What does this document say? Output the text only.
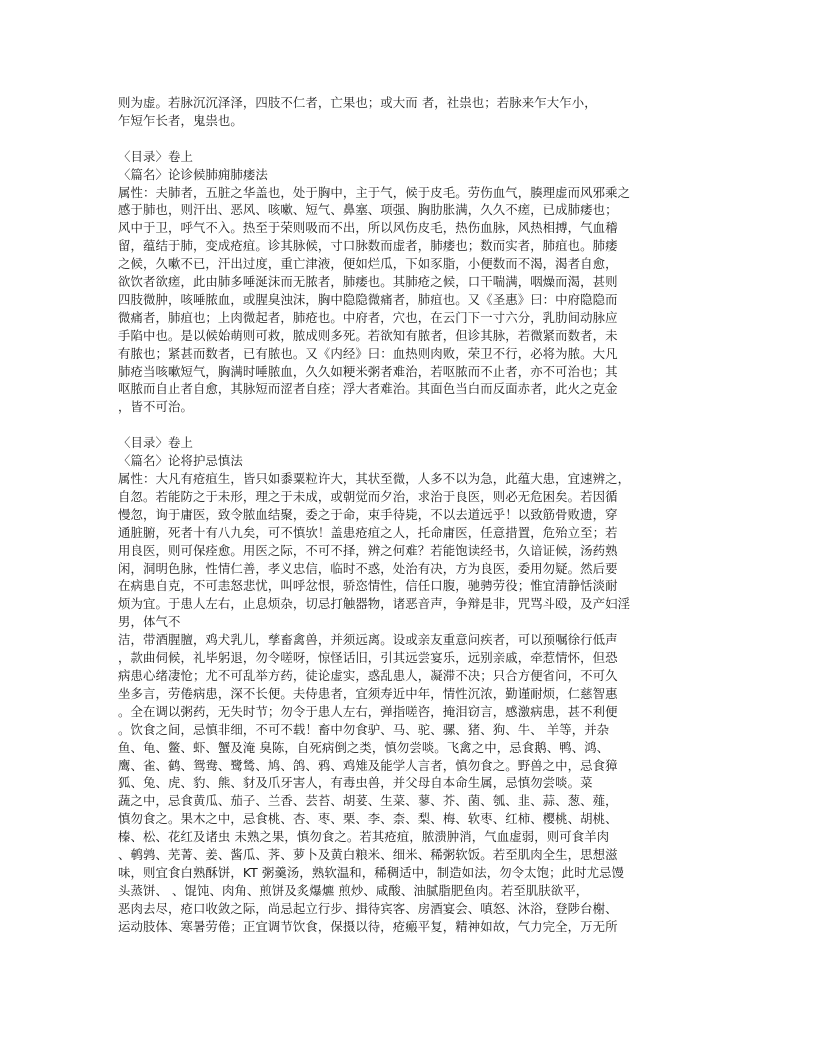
则为虚。若脉沉沉泽泽，四肢不仁者，亡果也；或大而 者，社祟也；若脉来乍大乍小，
乍短乍长者，鬼祟也。
〈目录〉卷上
〈篇名〉论诊候肺痈肺痿法
属性：夫肺者，五脏之华盖也，处于胸中，主于气，候于皮毛。劳伤血气，腠理虚而风邪乘之
感于肺也，则汗出、恶风、咳嗽、短气、鼻塞、项强、胸肋胀满，久久不瘥，已成肺痿也；
风中于卫，呼气不入。热至于荣则吸而不出，所以风伤皮毛，热伤血脉，风热相搏，气血稽
留，蕴结于肺，变成疮疽。诊其脉候，寸口脉数而虚者，肺痿也；数而实者，肺疽也。肺痿
之候，久嗽不已，汗出过度，重亡津液，便如烂瓜，下如豕脂，小便数而不渴，渴者自愈，
欲饮者欲瘥，此由肺多唾涎沫而无脓者，肺痿也。其肺疮之候，口干喘满，咽燥而渴，甚则
四肢微肿，咳唾脓血，或腥臭浊沫，胸中隐隐微痛者，肺疽也。又《圣惠》曰：中府隐隐而
微痛者，肺疽也；上肉微起者，肺疮也。中府者，穴也，在云门下一寸六分，乳肋间动脉应
手陷中也。是以候始萌则可救，脓成则多死。若欲知有脓者，但诊其脉，若微紧而数者，未
有脓也；紧甚而数者，已有脓也。又《内经》曰：血热则肉败，荣卫不行，必将为脓。大凡
肺疮当咳嗽短气，胸满时唾脓血，久久如粳米粥者难治，若呕脓而不止者，亦不可治也；其
呕脓而自止者自愈，其脉短而涩者自痊；浮大者难治。其面色当白而反面赤者，此火之克金
，皆不可治。
〈目录〉卷上
〈篇名〉论将护忌慎法
属性：大凡有疮疽生，皆只如黍粟粒许大，其状至微，人多不以为急，此蕴大患，宜速辨之，
自忽。若能防之于未形，理之于未成，或朝觉而夕治，求治于良医，则必无危困矣。若因循
慢忽，询于庸医，致令脓血结聚，委之于命，束手待毙，不以去道远乎！以致筋骨败遗，穿
通脏腑，死者十有八九矣，可不慎欤！盖患疮疽之人，托命庸医，任意措置，危殆立至；若
用良医，则可保痊愈。用医之际，不可不择，辨之何难？若能饱读经书，久谙证候，汤药熟
闲，洞明色脉，性情仁善，孝义忠信，临时不惑，处治有决，方为良医，委用勿疑。然后要
在病患自克，不可恚怒悲忧，叫呼忿恨，骄恣情性，信任口腹，驰骋劳役；惟宜清静恬淡耐
烦为宜。于患人左右，止息烦杂，切忌打触器物，诸恶音声，争辩是非，咒骂斗殴，及产妇淫
男，体气不
洁，带酒腥膻，鸡犬乳儿，孳畜禽兽，并须远离。设或亲友重意问疾者，可以预嘱徐行低声
，款曲伺候，礼毕躬退，勿令嗟呀，惊怪话旧，引其远尝宴乐，远别亲戚，牵惹情怀，但恐
病患心绪凄怆；尤不可乱举方药，徒论虚实，惑乱患人，凝滞不决；只合方便省问，不可久
坐多言，劳倦病患，深不长便。夫侍患者，宜须寿近中年，情性沉浓，勤谨耐烦，仁慈智惠
。全在调以粥药，无失时节；勿令于患人左右，弹指嗟咨，掩泪窃言，感激病患，甚不利便
。饮食之间，忌慎非细，不可不载！畜中勿食驴、马、驼、骡、猪、狗、牛、 羊等，并杂
鱼、龟、鳖、虾、蟹及淹 臭陈，自死病倒之类，慎勿尝啖。飞禽之中，忌食鹅、鸭、鸿、
鹰、雀、鹤、鸳鸯、鹭鸶、鸠、鸽、鸦、鸡雉及能学人言者，慎勿食之。野兽之中，忌食獐
狐、兔、虎、豹、熊、豺及爪牙害人，有毒虫兽，并父母自本命生属，忌慎勿尝啖。菜
蔬之中，忌食黄瓜、茄子、兰香、芸苔、胡荽、生菜、蓼、芥、菌、瓠、韭、蒜、葱、薤，
慎勿食之。果木之中，忌食桃、杏、枣、栗、李、柰、梨、梅、软枣、红柿、樱桃、胡桃、
榛、松、花红及诸虫 未熟之果，慎勿食之。若其疮疽，脓溃肿消，气血虚弱，则可食羊肉
、鹌鹑、芜菁、姜、酱瓜、荠、萝卜及黄白粮米、细米、稀粥软饭。若至肌肉全生，思想滋
味，则宜食白熟酥饼，KT 粥羹汤，熟软温和，稀稠适中，制造如法，勿令太饱；此时尤忌馒
头蒸饼、 、馄饨、肉角、煎饼及炙爆爊 煎炒、咸酸、油腻脂肥鱼肉。若至肌肤欲平，
恶肉去尽，疮口收敛之际，尚忌起立行步、揖待宾客、房酒宴会、嗔怒、沐浴，登陟台榭、
运动肢体、寒暑劳倦；正宜调节饮食，保摄以待，疮瘢平复，精神如故，气力完全，万无所
